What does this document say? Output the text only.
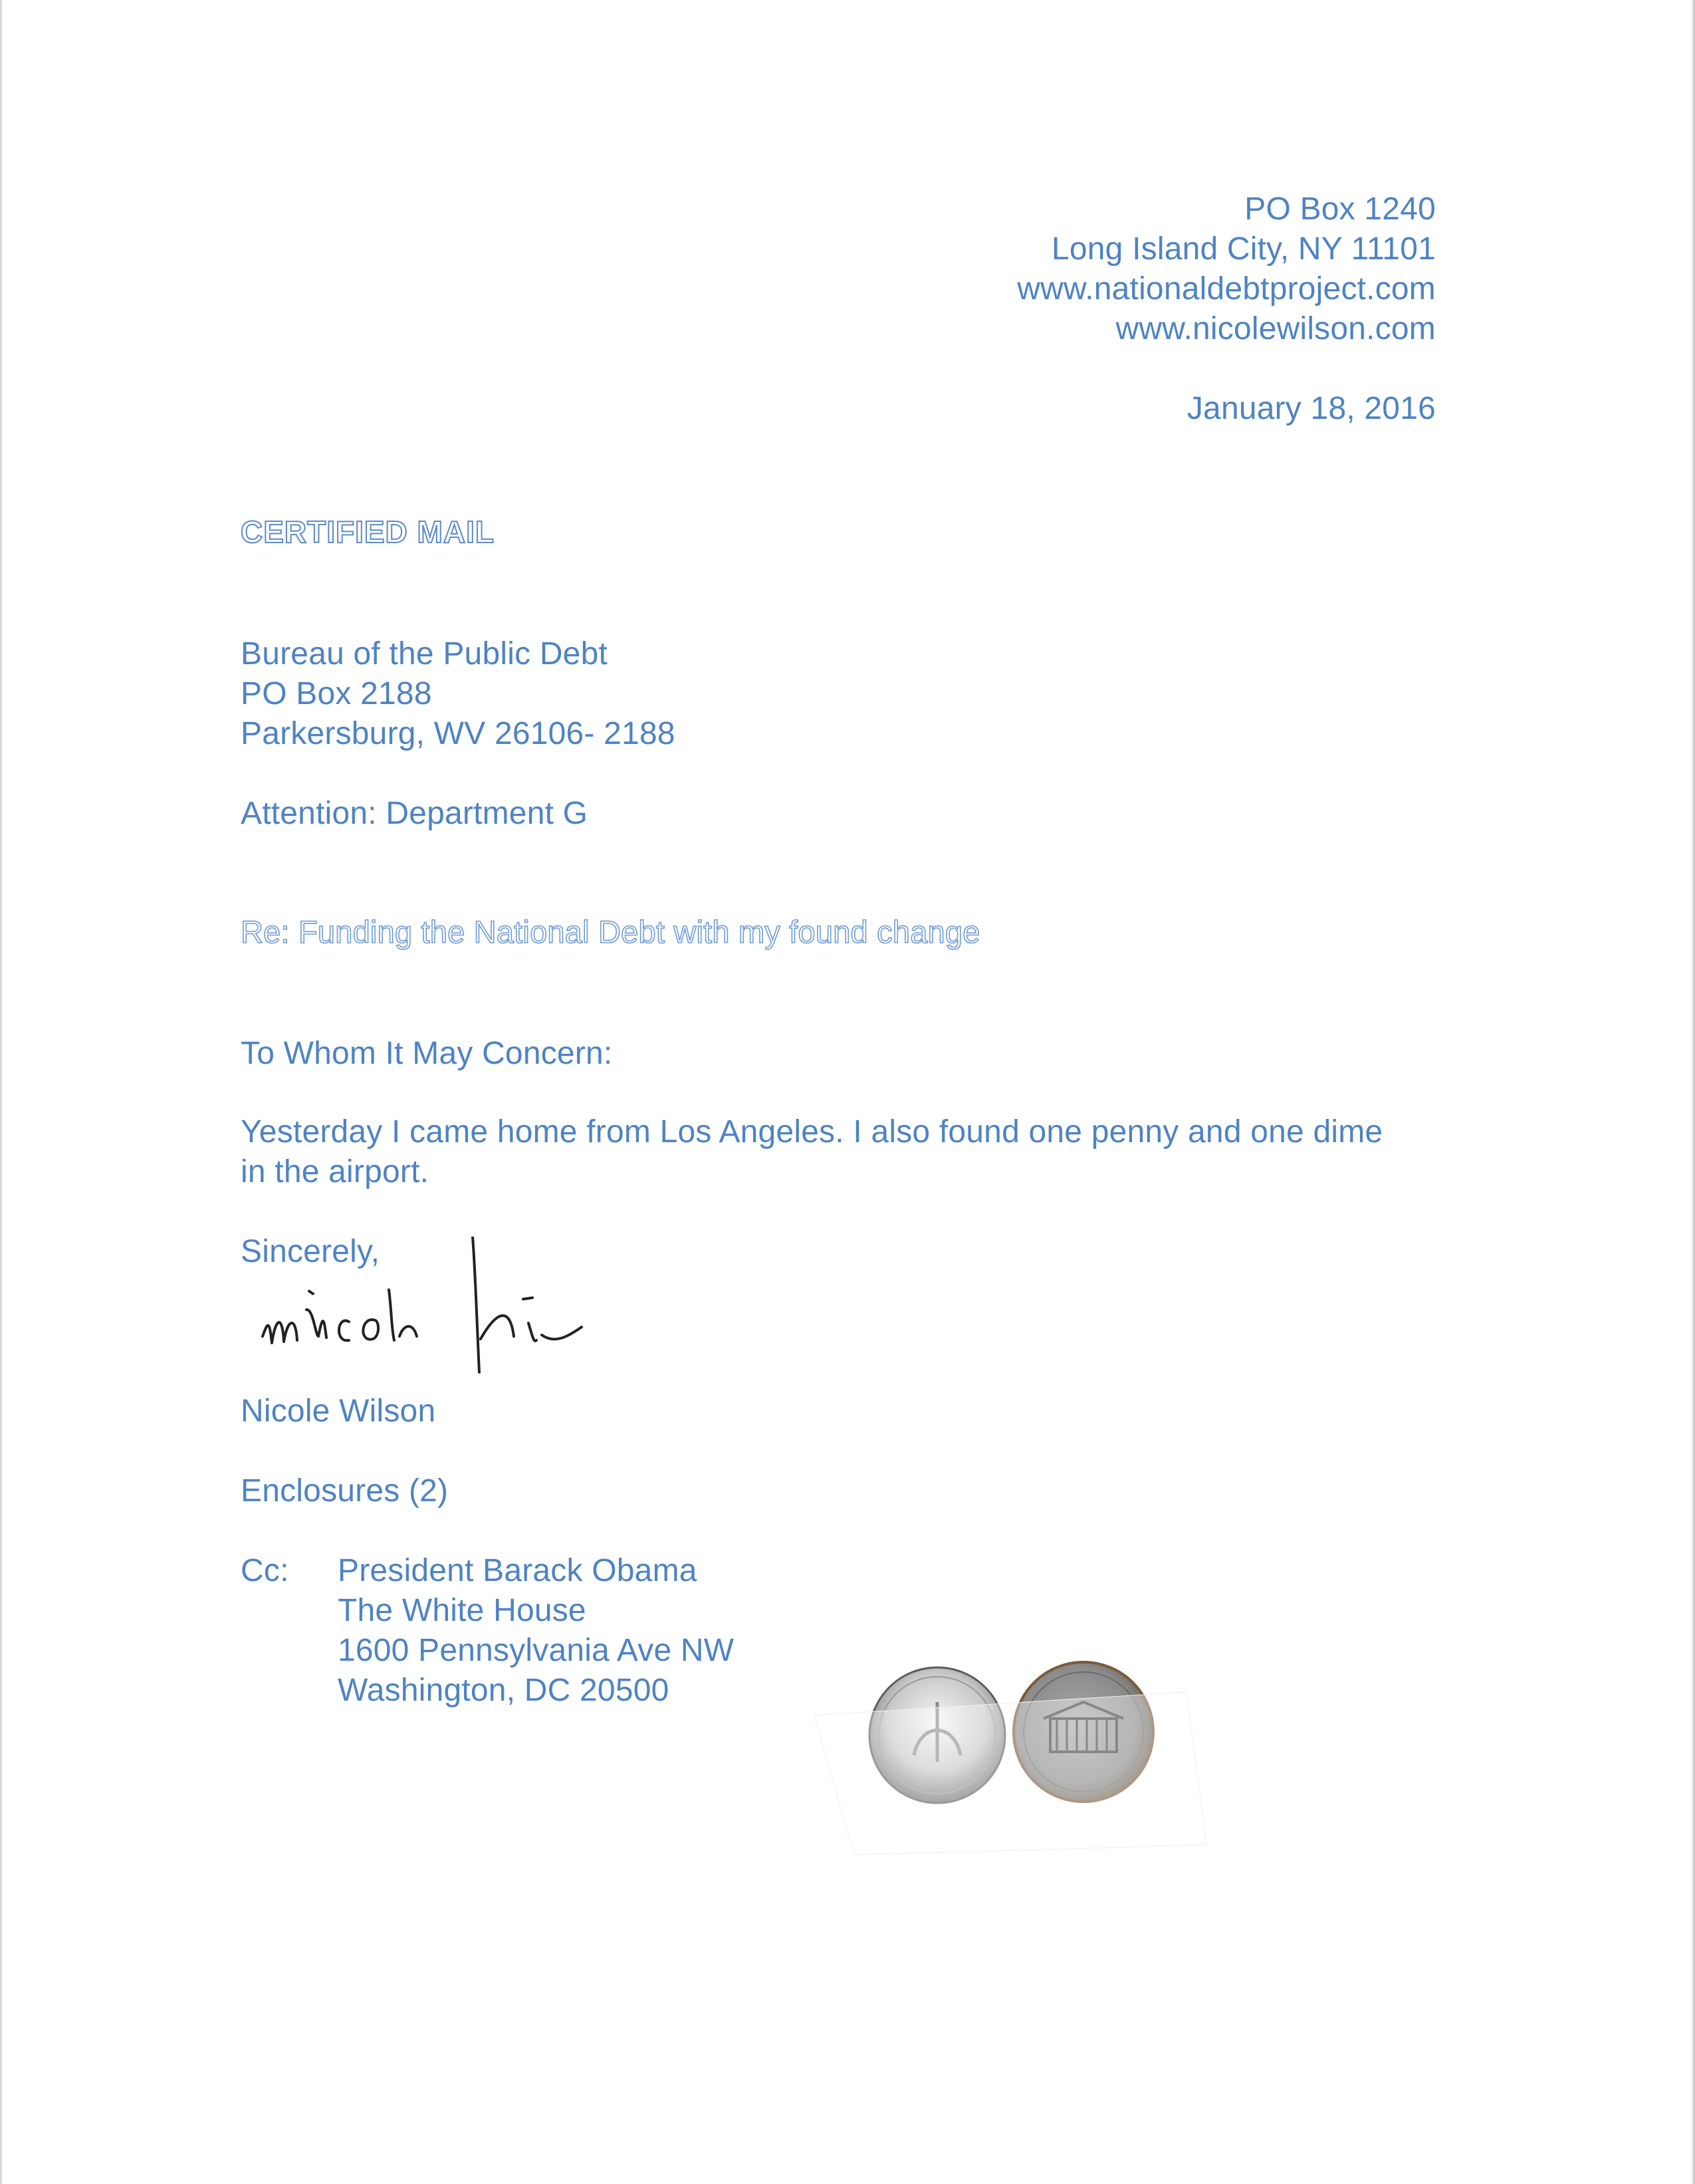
PO Box 1240
Long Island City, NY 11101
www.nationaldebtproject.com
www.nicolewilson.com
January 18, 2016
CERTIFIED MAIL
Bureau of the Public Debt
PO Box 2188
Parkersburg, WV 26106- 2188
Attention: Department G
Re: Funding the National Debt with my found change
To Whom It May Concern:
Yesterday I came home from Los Angeles. I also found one penny and one dime
in the airport.
Sincerely,
Nicole Wilson
Enclosures (2)
Cc: President Barack Obama
The White House
1600 Pennsylvania Ave NW
Washington, DC 20500
